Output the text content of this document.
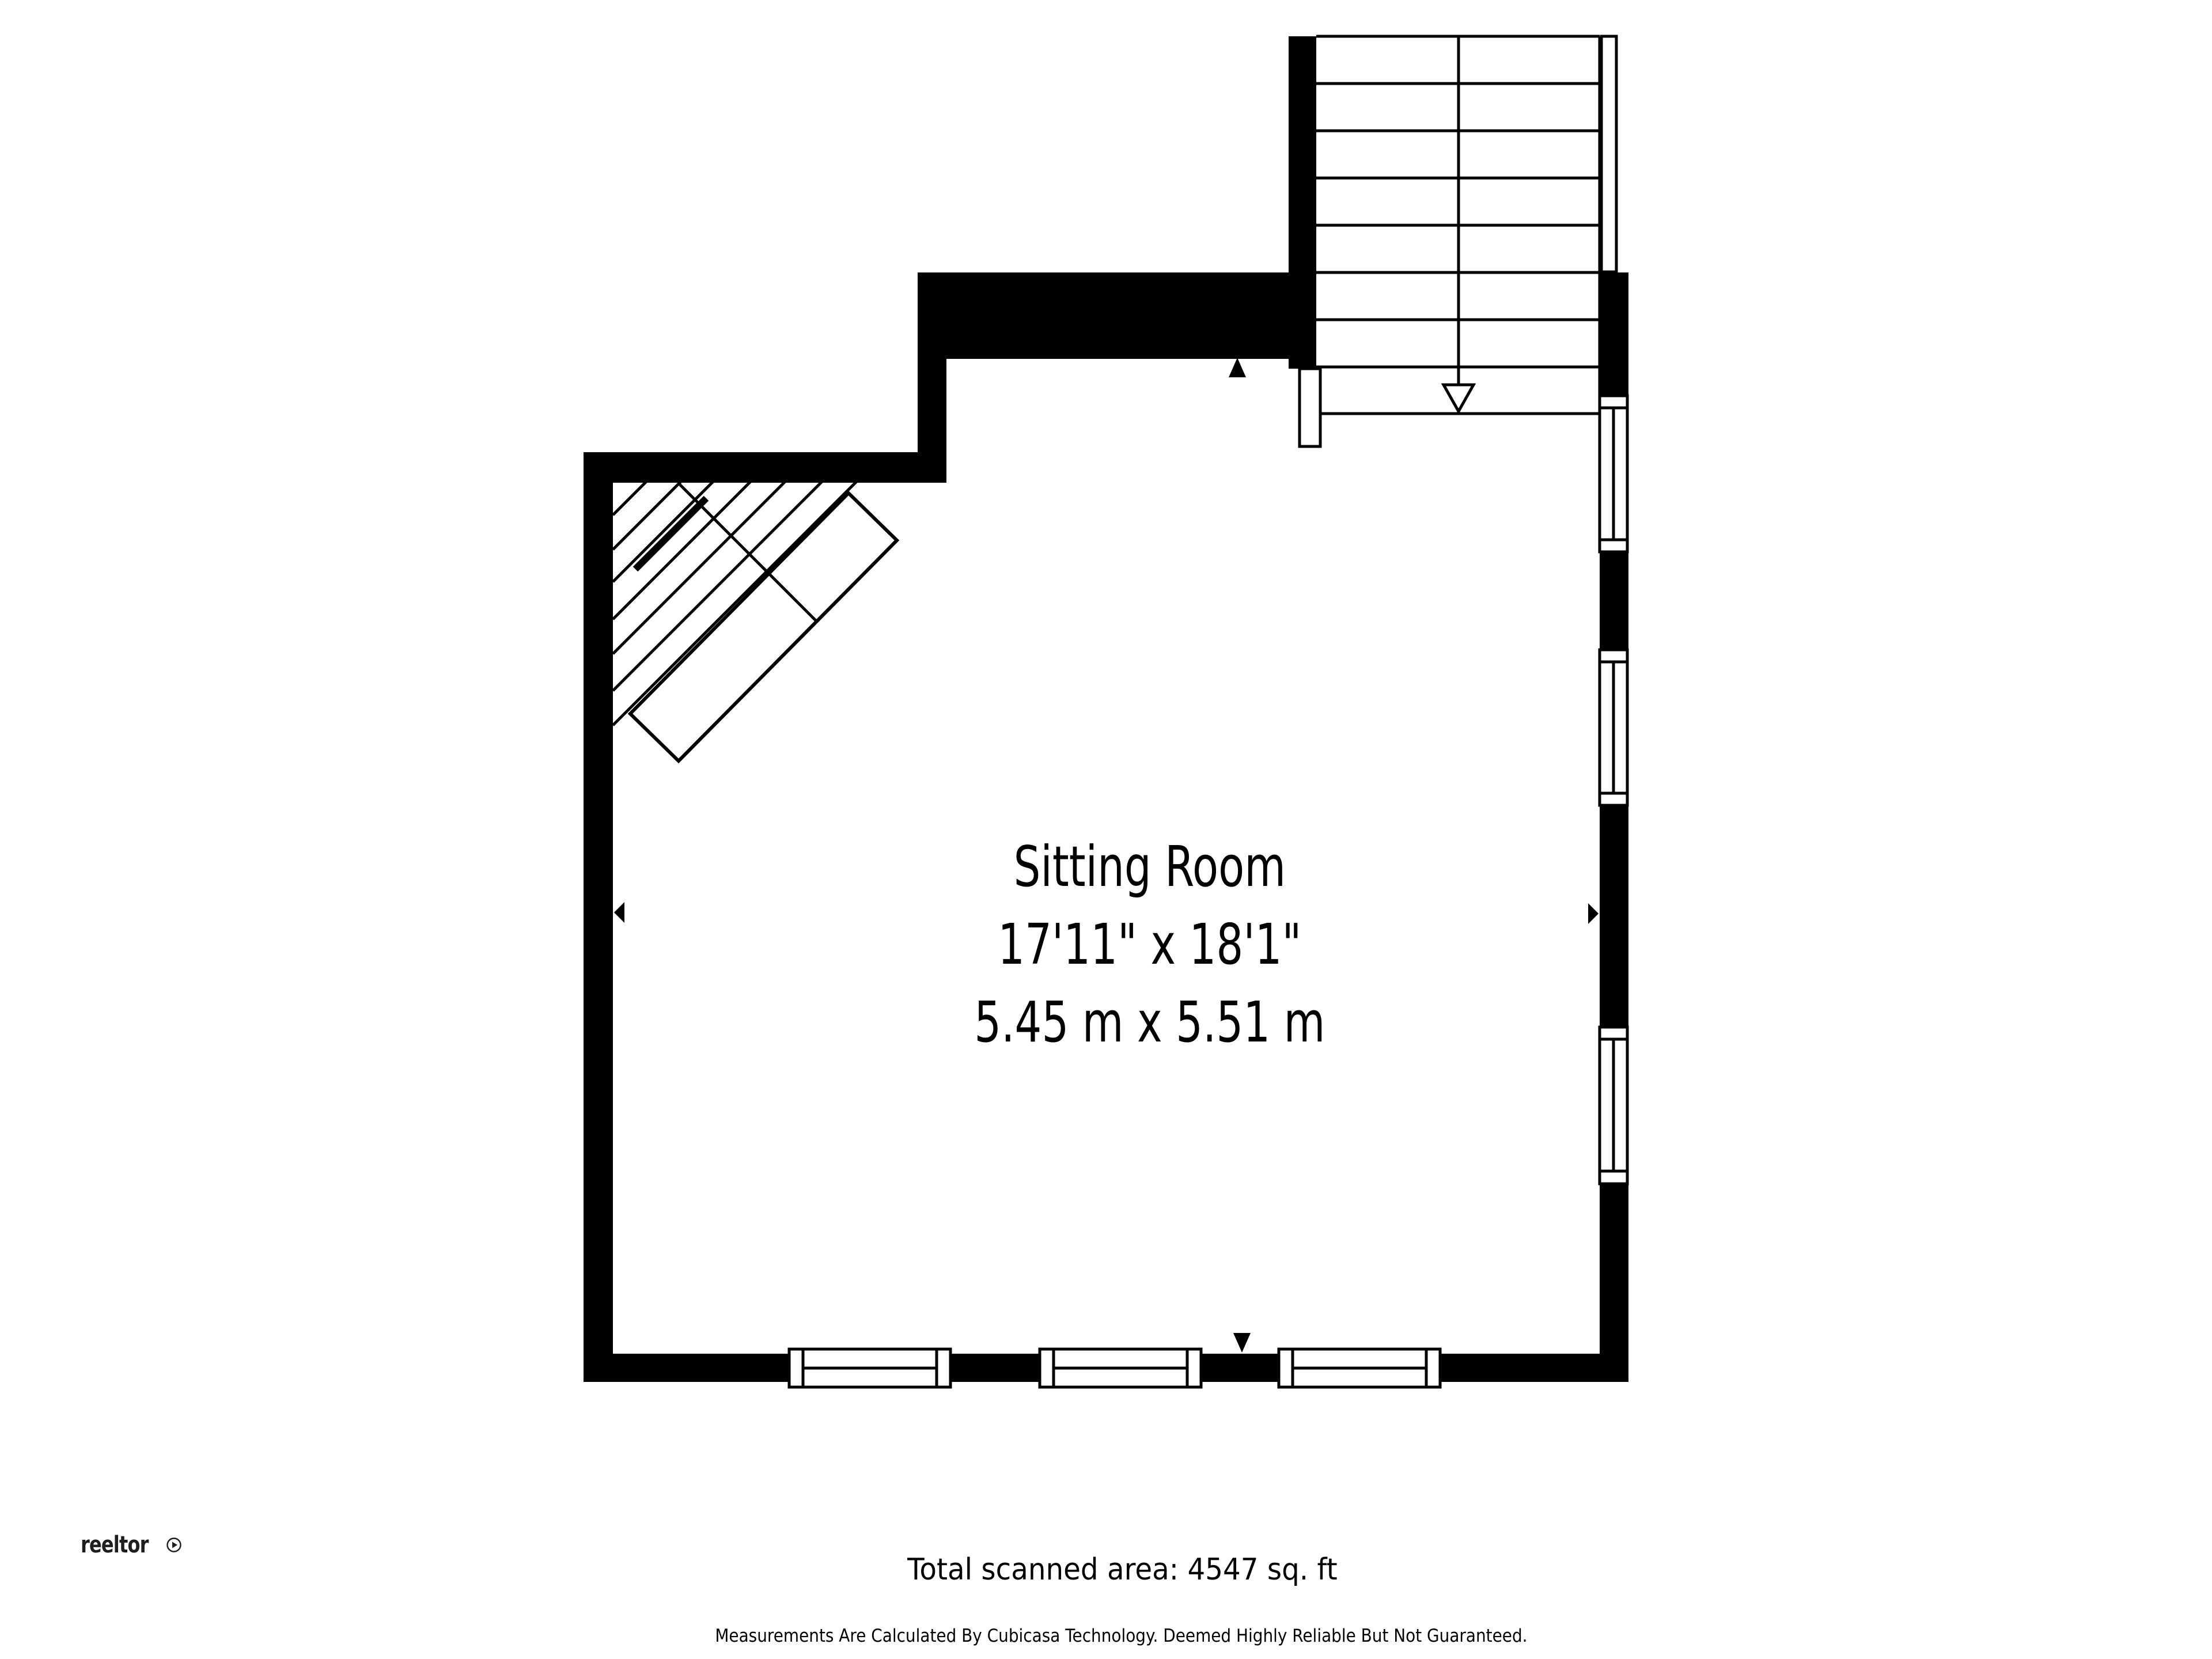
Sitting Room
17'11" x 18'1"
5.45 m x 5.51 m
Total scanned area: 4547 sq. ft
Measurements Are Calculated By Cubicasa Technology. Deemed Highly Reliable But Not Guaranteed.
reeltor
